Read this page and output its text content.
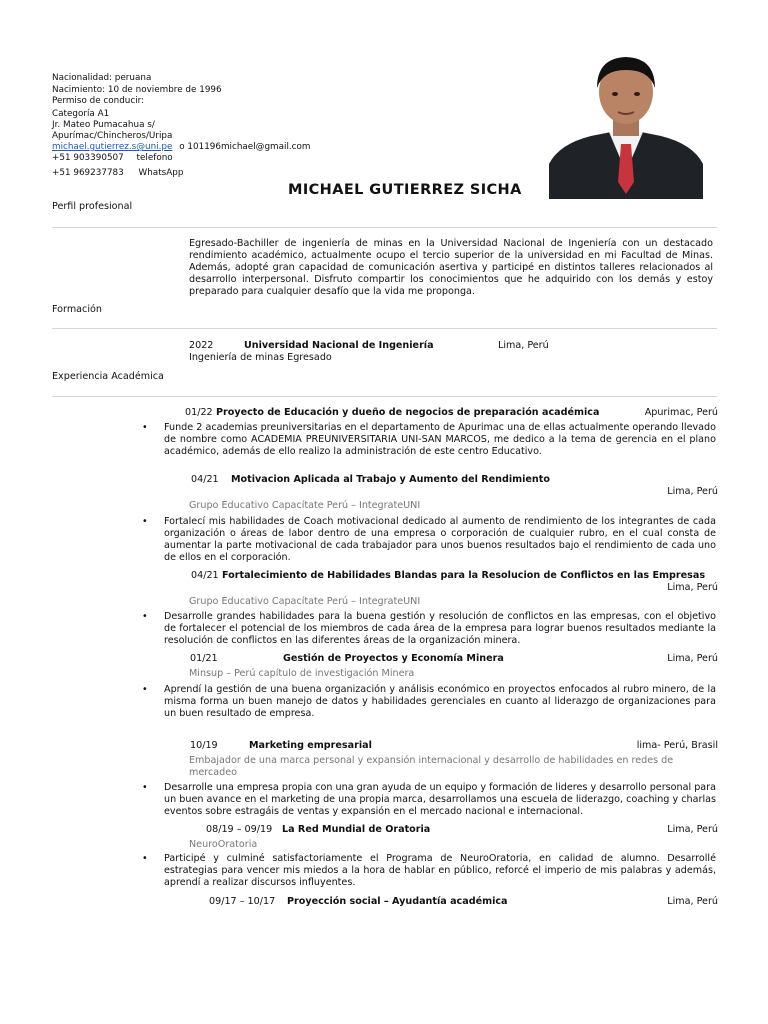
Nacionalidad: peruana
Nacimiento: 10 de noviembre de 1996
Permiso de conducir:
Categoría A1
Jr. Mateo Pumacahua s/
Apurímac/Chincheros/Uripa
michael.gutierrez.s@uni.pe o 101196michael@gmail.com
+51 903390507 telefono
+51 969237783 WhatsApp
MICHAEL GUTIERREZ SICHA
Perfil profesional
Egresado-Bachiller de ingeniería de minas en la Universidad Nacional de Ingeniería con un destacado rendimiento académico, actualmente ocupo el tercio superior de la universidad en mi Facultad de Minas. Además, adopté gran capacidad de comunicación asertiva y participé en distintos talleres relacionados al desarrollo interpersonal. Disfruto compartir los conocimientos que he adquirido con los demás y estoy preparado para cualquier desafío que la vida me proponga.
Formación
2022	Universidad Nacional de Ingeniería	Lima, Perú
Ingeniería de minas Egresado
Experiencia Académica
01/22 Proyecto de Educación y dueño de negocios de preparación académica	Apurimac, Perú
• Funde 2 academias preuniversitarias en el departamento de Apurimac una de ellas actualmente operando llevado de nombre como ACADEMIA PREUNIVERSITARIA UNI-SAN MARCOS, me dedico a la tema de gerencia en el plano académico, además de ello realizo la administración de este centro Educativo.
04/21 Motivacion Aplicada al Trabajo y Aumento del Rendimiento
Lima, Perú
Grupo Educativo Capacítate Perú – IntegrateUNI
• Fortalecí mis habilidades de Coach motivacional dedicado al aumento de rendimiento de los integrantes de cada organización o áreas de labor dentro de una empresa o corporación de cualquier rubro, en el cual consta de aumentar la parte motivacional de cada trabajador para unos buenos resultados bajo el rendimiento de cada uno de ellos en el corporación.
04/21 Fortalecimiento de Habilidades Blandas para la Resolucion de Conflictos en las Empresas
Lima, Perú
Grupo Educativo Capacítate Perú – IntegrateUNI
• Desarrolle grandes habilidades para la buena gestión y resolución de conflictos en las empresas, con el objetivo de fortalecer el potencial de los miembros de cada área de la empresa para lograr buenos resultados mediante la resolución de conflictos en las diferentes áreas de la organización minera.
01/21	Gestión de Proyectos y Economía Minera	Lima, Perú
Minsup – Perú capítulo de investigación Minera
• Aprendí la gestión de una buena organización y análisis económico en proyectos enfocados al rubro minero, de la misma forma un buen manejo de datos y habilidades gerenciales en cuanto al liderazgo de organizaciones para un buen resultado de empresa.
10/19	Marketing empresarial	lima- Perú, Brasil
Embajador de una marca personal y expansión internacional y desarrollo de habilidades en redes de mercadeo
• Desarrolle una empresa propia con una gran ayuda de un equipo y formación de lideres y desarrollo personal para un buen avance en el marketing de una propia marca, desarrollamos una escuela de liderazgo, coaching y charlas eventos sobre estragáis de ventas y expansión en el mercado nacional e internacional.
08/19 – 09/19 La Red Mundial de Oratoria	Lima, Perú
NeuroOratoria
• Participé y culminé satisfactoriamente el Programa de NeuroOratoria, en calidad de alumno. Desarrollé estrategias para vencer mis miedos a la hora de hablar en público, reforcé el imperio de mis palabras y además, aprendí a realizar discursos influyentes.
09/17 – 10/17 Proyección social – Ayudantía académica	Lima, Perú
